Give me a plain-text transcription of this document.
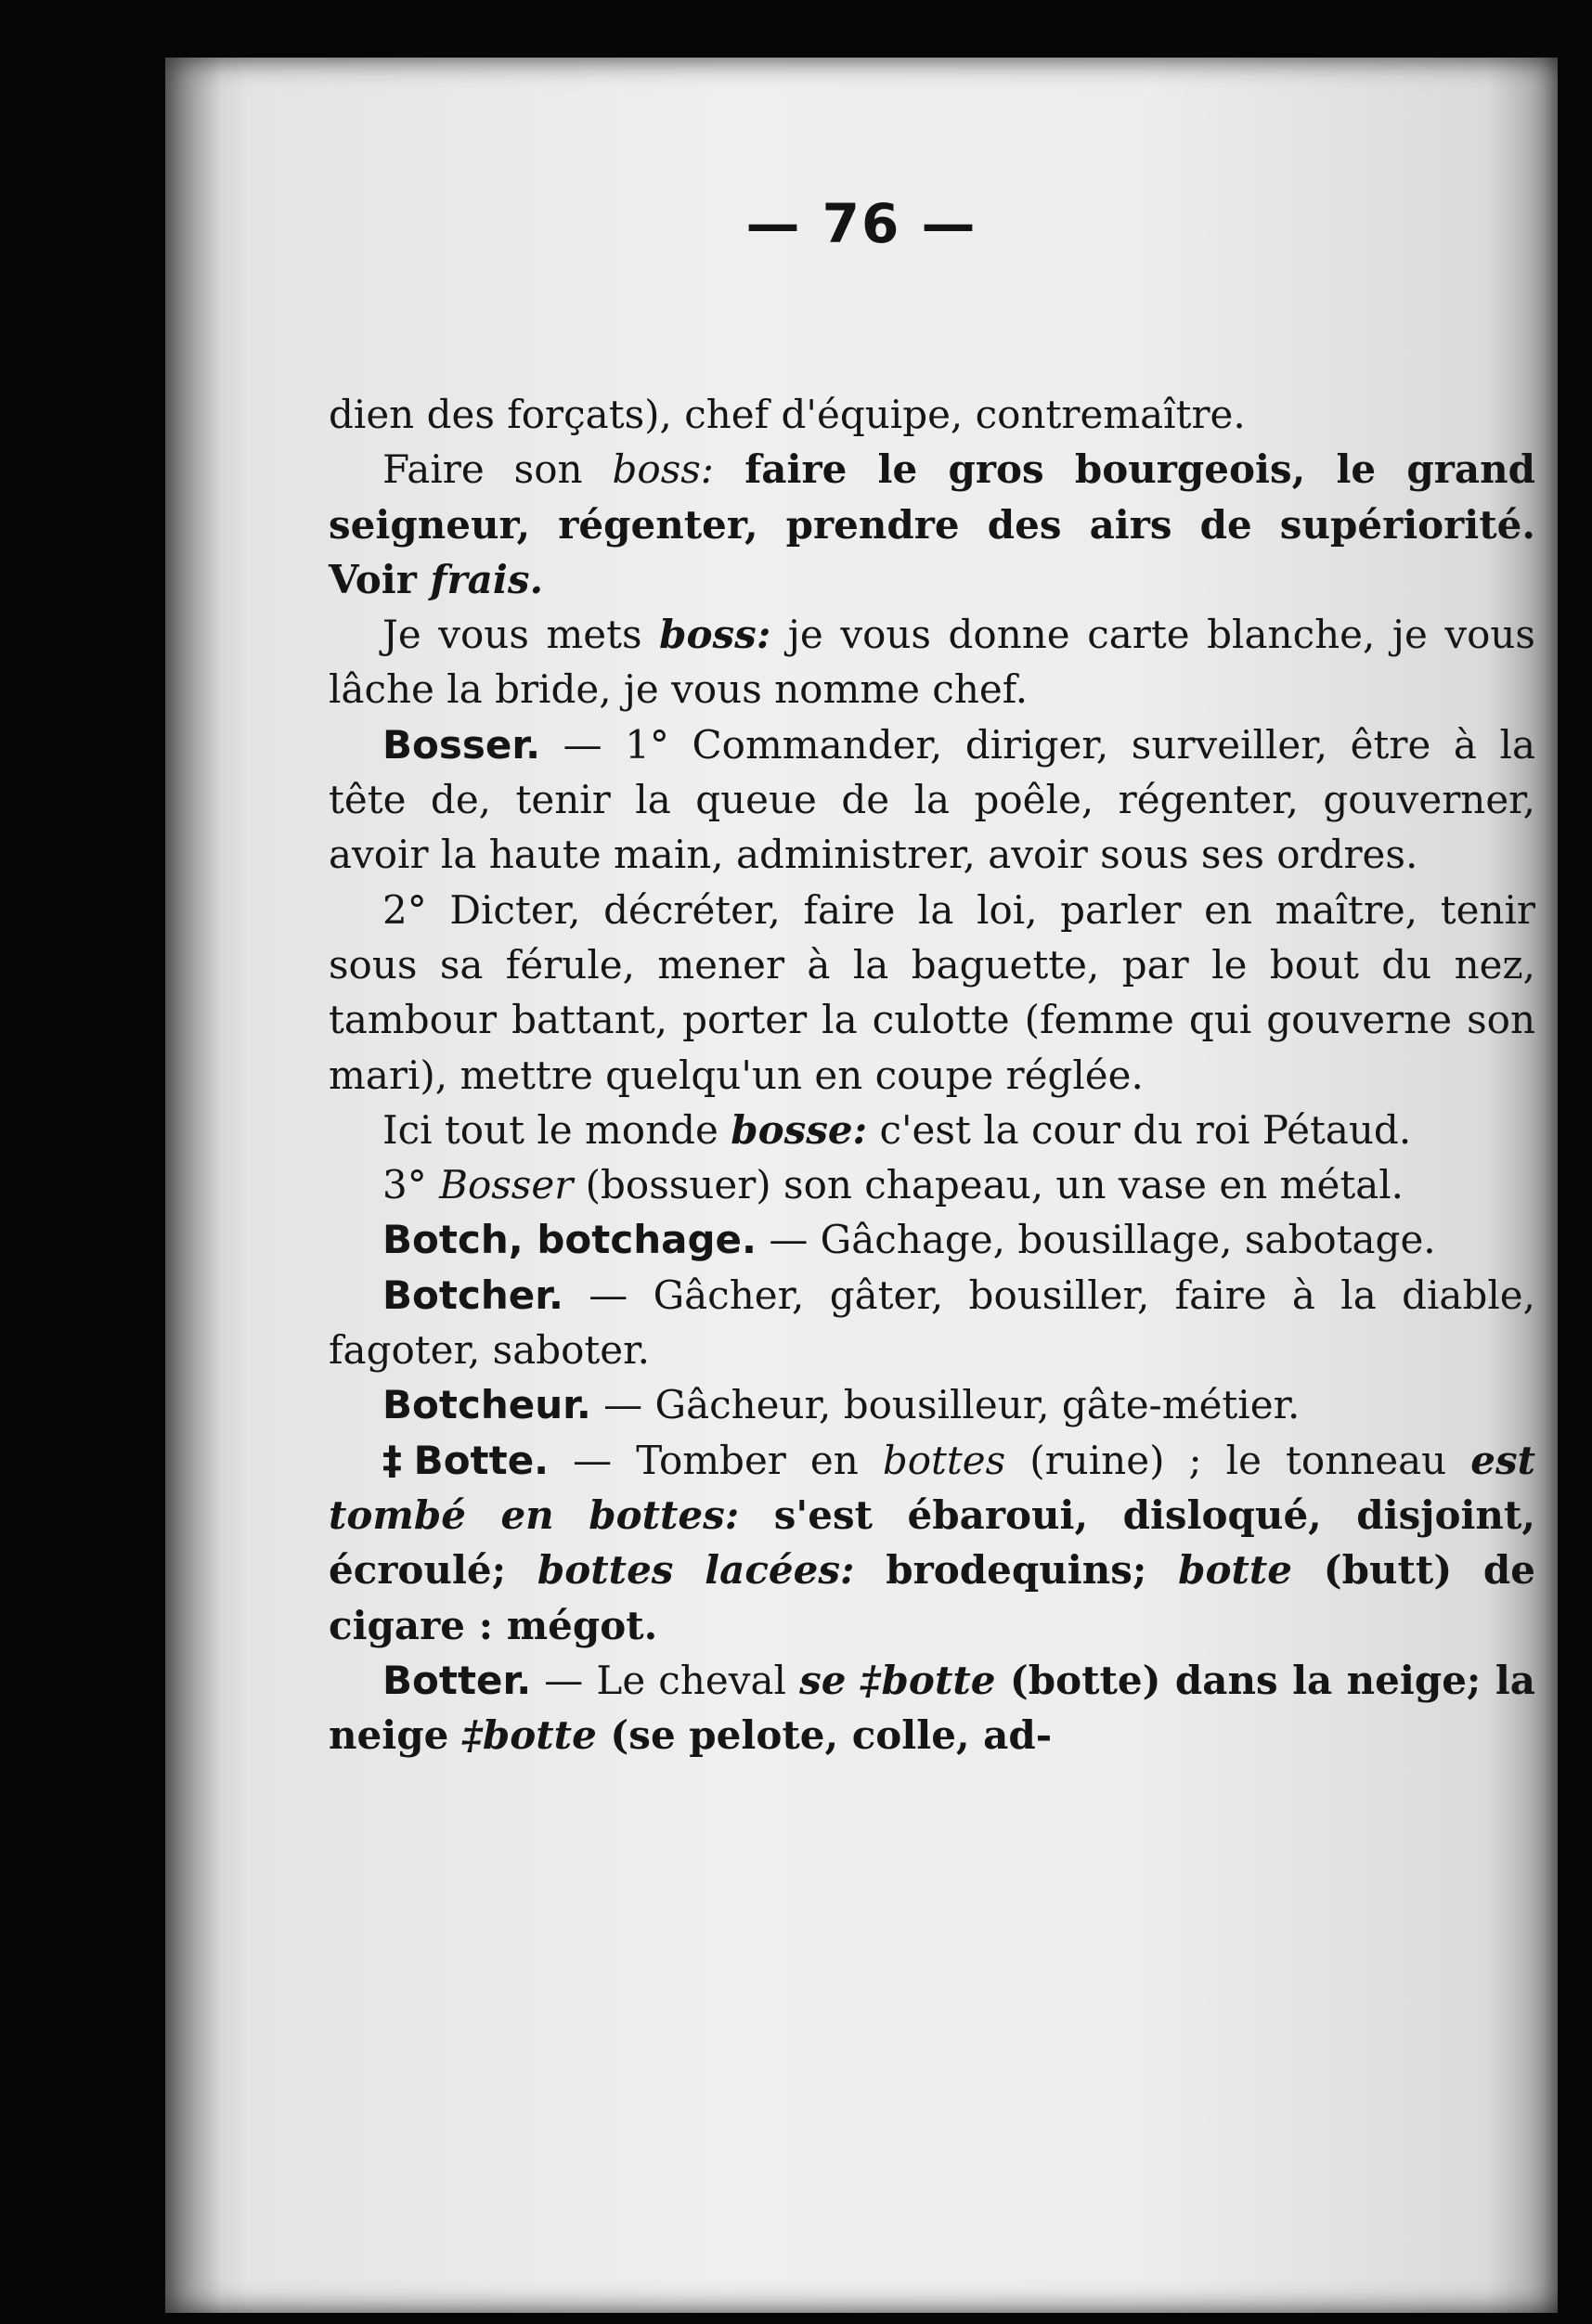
— 76 —

dien des forçats), chef d'équipe, contremaître.

Faire son boss: faire le gros bourgeois, le grand seigneur, régenter, prendre des airs de supériorité. Voir frais.

Je vous mets boss: je vous donne carte blanche, je vous lâche la bride, je vous nomme chef.

Bosser. — 1° Commander, diriger, surveiller, être à la tête de, tenir la queue de la poêle, régenter, gouverner, avoir la haute main, administrer, avoir sous ses ordres.

2° Dicter, décréter, faire la loi, parler en maître, tenir sous sa férule, mener à la baguette, par le bout du nez, tambour battant, porter la culotte (femme qui gouverne son mari), mettre quelqu'un en coupe réglée.

Ici tout le monde bosse: c'est la cour du roi Pétaud.

3° Bosser (bossuer) son chapeau, un vase en métal.

Botch, botchage. — Gâchage, bousillage, sabotage.

Botcher. — Gâcher, gâter, bousiller, faire à la diable, fagoter, saboter.

Botcheur. — Gâcheur, bousilleur, gâte-métier.

‡Botte. — Tomber en bottes (ruine) ; le tonneau est tombé en bottes: s'est ébaroui, disloqué, disjoint, écroulé; bottes lacées: brodequins; botte (butt) de cigare : mégot.

Botter. — Le cheval se ‡botte (botte) dans la neige; la neige ‡botte (se pelote, colle, ad-
